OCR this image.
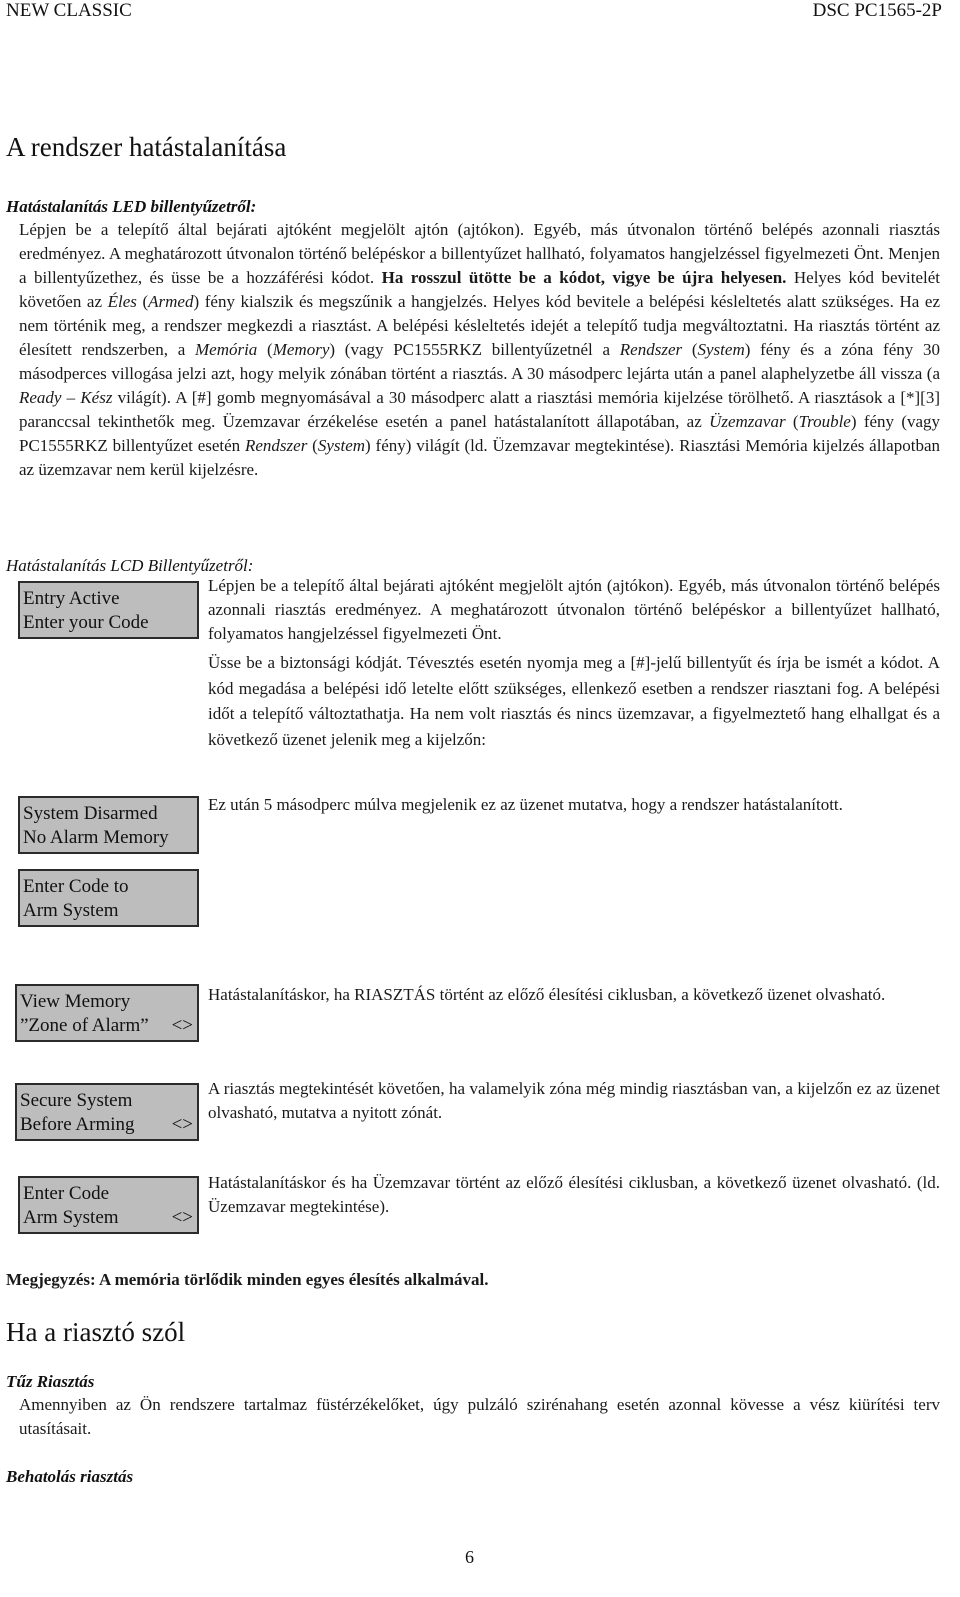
NEW CLASSIC	DSC PC1565-2P
A rendszer hatástalanítása
Hatástalanítás LED billentyűzetről:
Lépjen be a telepítő által bejárati ajtóként megjelölt ajtón (ajtókon). Egyéb, más útvonalon történő belépés azonnali riasztás eredményez. A meghatározott útvonalon történő belépéskor a billentyűzet hallható, folyamatos hangjelzéssel figyelmezeti Önt. Menjen a billentyűzethez, és üsse be a hozzáférési kódot. Ha rosszul ütötte be a kódot, vigye be újra helyesen. Helyes kód bevitelét követően az Éles (Armed) fény kialszik és megszűnik a hangjelzés. Helyes kód bevitele a belépési késleltetés alatt szükséges. Ha ez nem történik meg, a rendszer megkezdi a riasztást. A belépési késleltetés idejét a telepítő tudja megváltoztatni. Ha riasztás történt az élesített rendszerben, a Memória (Memory) (vagy PC1555RKZ billentyűzetnél a Rendszer (System) fény és a zóna fény 30 másodperces villogása jelzi azt, hogy melyik zónában történt a riasztás. A 30 másodperc lejárta után a panel alaphelyzetbe áll vissza (a Ready – Kész világít). A [#] gomb megnyomásával a 30 másodperc alatt a riasztási memória kijelzése törölhető. A riasztások a [*][3] paranccsal tekinthetők meg. Üzemzavar érzékelése esetén a panel hatástalanított állapotában, az Üzemzavar (Trouble) fény (vagy PC1555RKZ billentyűzet esetén Rendszer (System) fény) világít (ld. Üzemzavar megtekintése). Riasztási Memória kijelzés állapotban az üzemzavar nem kerül kijelzésre.
Hatástalanítás LCD Billentyűzetről:
Entry Active
Enter your Code
Lépjen be a telepítő által bejárati ajtóként megjelölt ajtón (ajtókon). Egyéb, más útvonalon történő belépés azonnali riasztás eredményez. A meghatározott útvonalon történő belépéskor a billentyűzet hallható, folyamatos hangjelzéssel figyelmezeti Önt.
Üsse be a biztonsági kódját. Tévesztés esetén nyomja meg a [#]-jelű billentyűt és írja be ismét a kódot. A kód megadása a belépési idő letelte előtt szükséges, ellenkező esetben a rendszer riasztani fog. A belépési időt a telepítő változtathatja. Ha nem volt riasztás és nincs üzemzavar, a figyelmeztető hang elhallgat és a következő üzenet jelenik meg a kijelzőn:
System Disarmed
No Alarm Memory
Ez után 5 másodperc múlva megjelenik ez az üzenet mutatva, hogy a rendszer hatástalanított.
Enter Code to
Arm System
View Memory
”Zone of Alarm” <>
Hatástalanításkor, ha RIASZTÁS történt az előző élesítési ciklusban, a következő üzenet olvasható.
Secure System
Before Arming <>
A riasztás megtekintését követően, ha valamelyik zóna még mindig riasztásban van, a kijelzőn ez az üzenet olvasható, mutatva a nyitott zónát.
Enter Code
Arm System	<>
Hatástalanításkor és ha Üzemzavar történt az előző élesítési ciklusban, a következő üzenet olvasható. (ld. Üzemzavar megtekintése).
Megjegyzés: A memória törlődik minden egyes élesítés alkalmával.
Ha a riasztó szól
Tűz Riasztás
Amennyiben az Ön rendszere tartalmaz füstérzékelőket, úgy pulzáló szirénahang esetén azonnal kövesse a vész kiürítési terv utasításait.
Behatolás riasztás
6
